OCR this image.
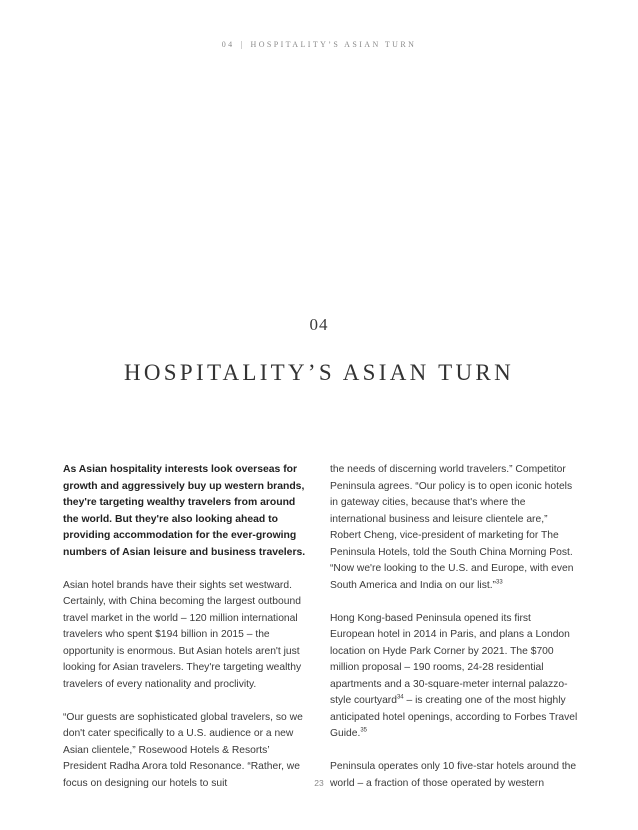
04 | HOSPITALITY’S ASIAN TURN
04
HOSPITALITY’S ASIAN TURN

As Asian hospitality interests look overseas for growth and aggressively buy up western brands, they're targeting wealthy travelers from around the world. But they're also looking ahead to providing accommodation for the ever-growing numbers of Asian leisure and business travelers.

Asian hotel brands have their sights set westward. Certainly, with China becoming the largest outbound travel market in the world – 120 million international travelers who spent $194 billion in 2015 – the opportunity is enormous. But Asian hotels aren't just looking for Asian travelers. They're targeting wealthy travelers of every nationality and proclivity.

“Our guests are sophisticated global travelers, so we don't cater specifically to a U.S. audience or a new Asian clientele,” Rosewood Hotels & Resorts’ President Radha Arora told Resonance. “Rather, we focus on designing our hotels to suit

the needs of discerning world travelers.” Competitor Peninsula agrees. “Our policy is to open iconic hotels in gateway cities, because that's where the international business and leisure clientele are,” Robert Cheng, vice-president of marketing for The Peninsula Hotels, told the South China Morning Post. “Now we're looking to the U.S. and Europe, with even South America and India on our list.”$^{33}$

Hong Kong-based Peninsula opened its first European hotel in 2014 in Paris, and plans a London location on Hyde Park Corner by 2021. The $700 million proposal – 190 rooms, 24-28 residential apartments and a 30-square-meter internal palazzo-style courtyard$^{34}$ – is creating one of the most highly anticipated hotel openings, according to Forbes Travel Guide.$^{35}$

Peninsula operates only 10 five-star hotels around the world – a fraction of those operated by western

23
